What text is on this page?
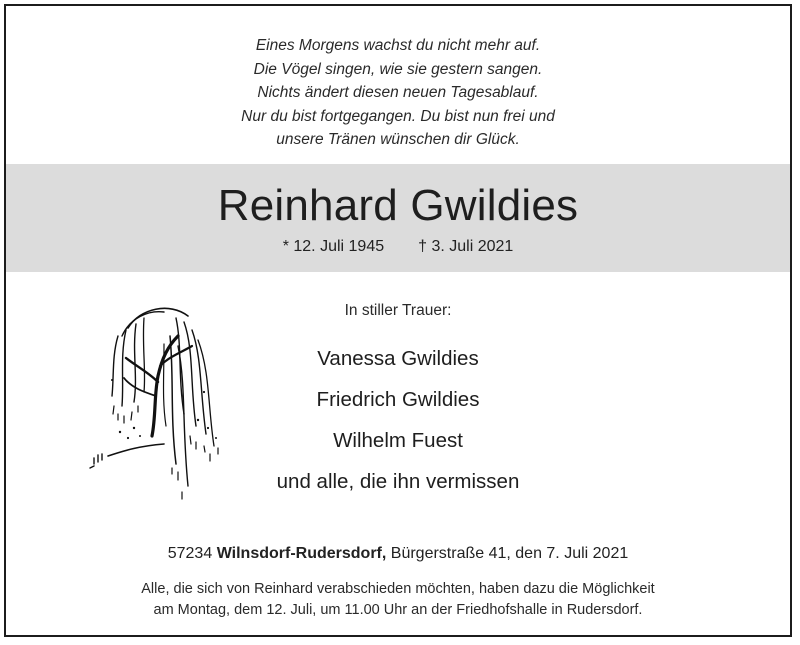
Eines Morgens wachst du nicht mehr auf.
Die Vögel singen, wie sie gestern sangen.
Nichts ändert diesen neuen Tagesablauf.
Nur du bist fortgegangen. Du bist nun frei und
unsere Tränen wünschen dir Glück.
Reinhard Gwildies
* 12. Juli 1945 † 3. Juli 2021
In stiller Trauer:
Vanessa Gwildies
Friedrich Gwildies
Wilhelm Fuest
und alle, die ihn vermissen
57234 Wilnsdorf-Rudersdorf, Bürgerstraße 41, den 7. Juli 2021
Alle, die sich von Reinhard verabschieden möchten, haben dazu die Möglichkeit
am Montag, dem 12. Juli, um 11.00 Uhr an der Friedhofshalle in Rudersdorf.
